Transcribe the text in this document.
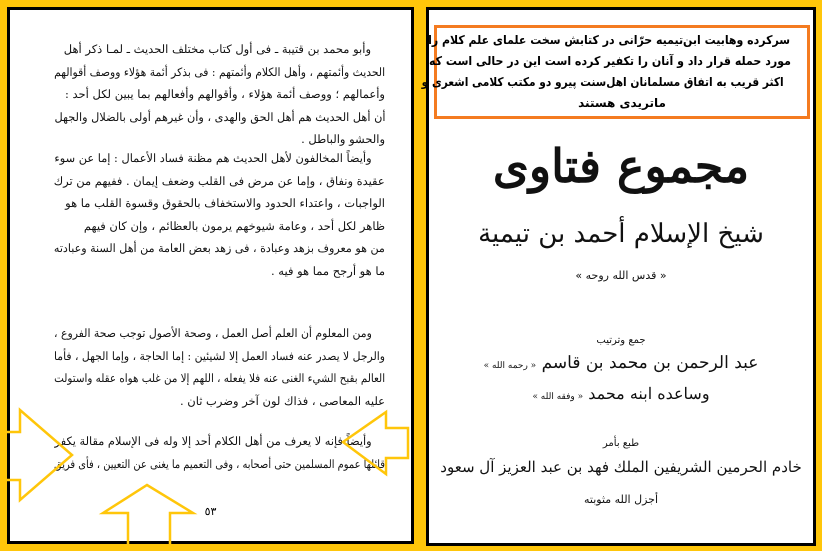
وأبو محمد بن قتيبة ـ فى أول كتاب مختلف الحديث ـ لمـا ذكر أهل
الحديث وأئمتهم ، وأهل الكلام وأئمتهم : فى بذكر أئمة هؤلاء ووصف أقوالهم
وأعمالهم ؛ ووصف أئمة هؤلاء ، وأقوالهم وأفعالهم بما يبين لكل أحد :
أن أهل الحديث هم أهل الحق والهدى ، وأن غيرهم أولى بالضلال والجهل
والحشو والباطل .
وأيضاً المخالفون لأهل الحديث هم مظنة فساد الأعمال : إما عن سوء
عقيدة ونفاق ، وإما عن مرض فى القلب وضعف إيمان . ففيهم من ترك
الواجبات ، واعتداء الحدود والاستخفاف بالحقوق وقسوة القلب ما هو
ظاهر لكل أحد ، وعامة شيوخهم يرمون بالعظائم ، وإن كان فيهم
من هو معروف بزهد وعبادة ، فى زهد بعض العامة من أهل السنة وعبادته
ما هو أرجح مما هو فيه .
ومن المعلوم أن العلم أصل العمل ، وصحة الأصول توجب صحة الفروع ،
والرجل لا يصدر عنه فساد العمل إلا لشيئين : إما الحاجة ، وإما الجهل ، فأما
العالم بقبح الشيء الغنى عنه فلا يفعله ، اللهم إلا من غلب هواه عقله واستولت
عليه المعاصى ، فذاك لون آخر وضرب ثان .
وأيضاً فإنه لا يعرف من أهل الكلام أحد إلا وله فى الإسلام مقالة يكفر
قائلها عموم المسلمين حتى أصحابه ، وفى التعميم ما يغنى عن التعيين ، فأى فريق
٥٣
سرکرده وهابیت ابن‌تیمیه حرّانی در کتابش سخت علمای علم کلام را
مورد حمله قرار داد و آنان را تکفیر کرده است این در حالی است که
اکثر قریب به اتفاق مسلمانان اهل‌سنت پیرو دو مکتب کلامی اشعری و
ماتریدی هستند
مجموع فتاوى
شيخ الإسلام أحمد بن تيمية
« قدس الله روحه »
جمع وترتيب
عبد الرحمن بن محمد بن قاسم « رحمه الله »
وساعده ابنه محمد « وفقه الله »
طبع بأمر
خادم الحرمين الشريفين الملك فهد بن عبد العزيز آل سعود
أجزل الله مثوبته
